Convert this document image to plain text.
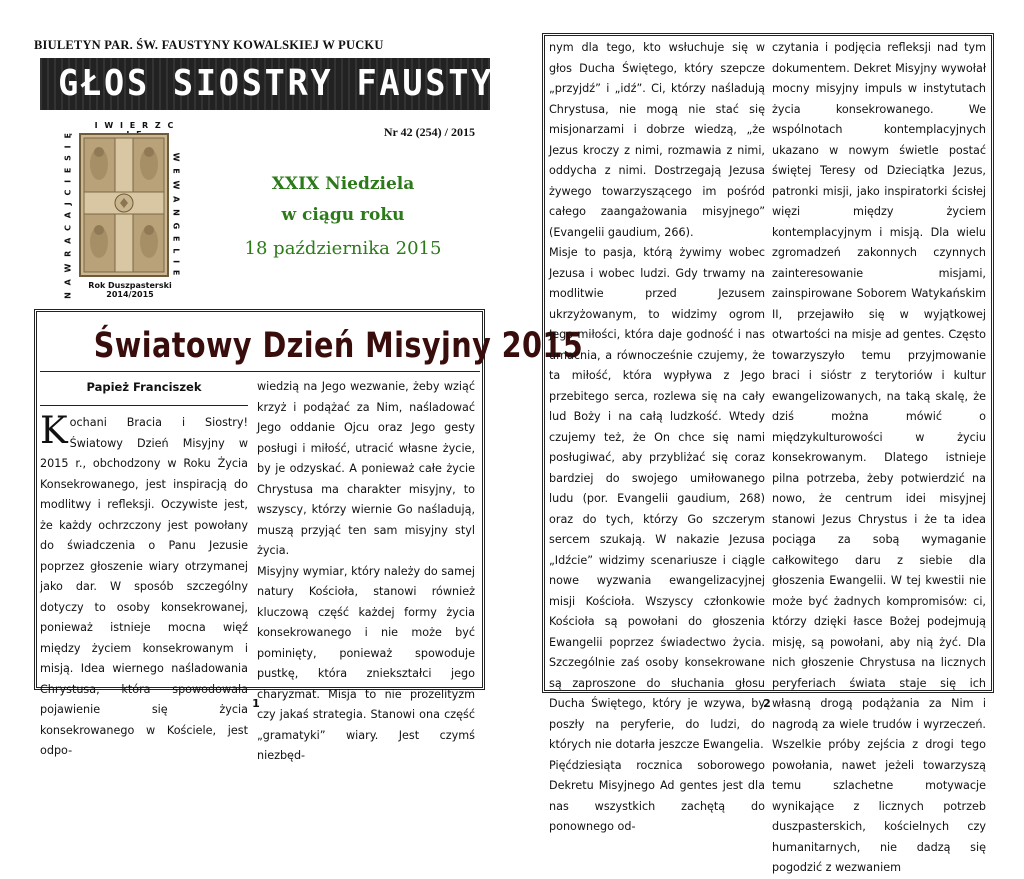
BIULETYN PAR. ŚW. FAUSTYNY KOWALSKIEJ W PUCKU
GŁOS SIOSTRY FAUSTYNY
I W I E R Z C
N A W R A C A J C I E S I Ę	W E W A N G E L I E
Rok Duszpasterski 2014/2015
Nr 42 (254) / 2015
XXIX Niedziela
w ciągu roku
18 października 2015
Światowy Dzień Misyjny 2015
Papież Franciszek
K ochani Bracia i Siostry! Światowy Dzień Misyjny w 2015 r., obchodzony w Roku Życia Konsekrowanego, jest inspiracją do modlitwy i refleksji. Oczywiste jest, że każdy ochrzczony jest powołany do świadczenia o Panu Jezusie poprzez głoszenie wiary otrzymanej jako dar. W sposób szczególny dotyczy to osoby konsekrowanej, ponieważ istnieje mocna więź między życiem konsekrowanym i misją. Idea wiernego naśladowania Chrystusa, która spowodowała pojawienie się życia konsekrowanego w Kościele, jest odpo-

wiedzią na Jego wezwanie, żeby wziąć krzyż i podążać za Nim, naśladować Jego oddanie Ojcu oraz Jego gesty posługi i miłość, utracić własne życie, by je odzyskać. A ponieważ całe życie Chrystusa ma charakter misyjny, to wszyscy, którzy wiernie Go naśladują, muszą przyjąć ten sam misyjny styl życia.

Misyjny wymiar, który należy do samej natury Kościoła, stanowi również kluczową część każdej formy życia konsekrowanego i nie może być pominięty, ponieważ spowoduje pustkę, która zniekształci jego charyzmat. Misja to nie prozelityzm czy jakaś strategia. Stanowi ona część „gramatyki” wiary. Jest czymś niezbęd-

1

nym dla tego, kto wsłuchuje się w głos Ducha Świętego, który szepcze „przyjdź” i „idź”. Ci, którzy naśladują Chrystusa, nie mogą nie stać się misjonarzami i dobrze wiedzą, „że Jezus kroczy z nimi, rozmawia z nimi, oddycha z nimi. Dostrzegają Jezusa żywego towarzyszącego im pośród całego zaangażowania misyjnego” (Evangelii gaudium, 266).

Misje to pasja, którą żywimy wobec Jezusa i wobec ludzi. Gdy trwamy na modlitwie przed Jezusem ukrzyżowanym, to widzimy ogrom Jego miłości, która daje godność i nas umacnia, a równocześnie czujemy, że ta miłość, która wypływa z Jego przebitego serca, rozlewa się na cały lud Boży i na całą ludzkość. Wtedy czujemy też, że On chce się nami posługiwać, aby przybliżać się coraz bardziej do swojego umiłowanego ludu (por. Evangelii gaudium, 268) oraz do tych, którzy Go szczerym sercem szukają. W nakazie Jezusa „Idźcie” widzimy scenariusze i ciągle nowe wyzwania ewangelizacyjnej misji Kościoła. Wszyscy członkowie Kościoła są powołani do głoszenia Ewangelii poprzez świadectwo życia. Szczególnie zaś osoby konsekrowane są zaproszone do słuchania głosu Ducha Świętego, który je wzywa, by poszły na peryferie, do ludzi, do których nie dotarła jeszcze Ewangelia.

Pięćdziesiąta rocznica soborowego Dekretu Misyjnego Ad gentes jest dla nas wszystkich zachętą do ponownego od-

czytania i podjęcia refleksji nad tym dokumentem. Dekret Misyjny wywołał mocny misyjny impuls w instytutach życia konsekrowanego. We wspólnotach kontemplacyjnych ukazano w nowym świetle postać świętej Teresy od Dzieciątka Jezus, patronki misji, jako inspiratorki ścisłej więzi między życiem kontemplacyjnym i misją. Dla wielu zgromadzeń zakonnych czynnych zainteresowanie misjami, zainspirowane Soborem Watykańskim II, przejawiło się w wyjątkowej otwartości na misje ad gentes. Często towarzyszyło temu przyjmowanie braci i sióstr z terytoriów i kultur ewangelizowanych, na taką skalę, że dziś można mówić o międzykulturowości w życiu konsekrowanym. Dlatego istnieje pilna potrzeba, żeby potwierdzić na nowo, że centrum idei misyjnej stanowi Jezus Chrystus i że ta idea pociąga za sobą wymaganie całkowitego daru z siebie dla głoszenia Ewangelii. W tej kwestii nie może być żadnych kompromisów: ci, którzy dzięki łasce Bożej podejmują misję, są powołani, aby nią żyć. Dla nich głoszenie Chrystusa na licznych peryferiach świata staje się ich własną drogą podążania za Nim i nagrodą za wiele trudów i wyrzeczeń. Wszelkie próby zejścia z drogi tego powołania, nawet jeżeli towarzyszą temu szlachetne motywacje wynikające z licznych potrzeb duszpasterskich, kościelnych czy humanitarnych, nie dadzą się pogodzić z wezwaniem

2
